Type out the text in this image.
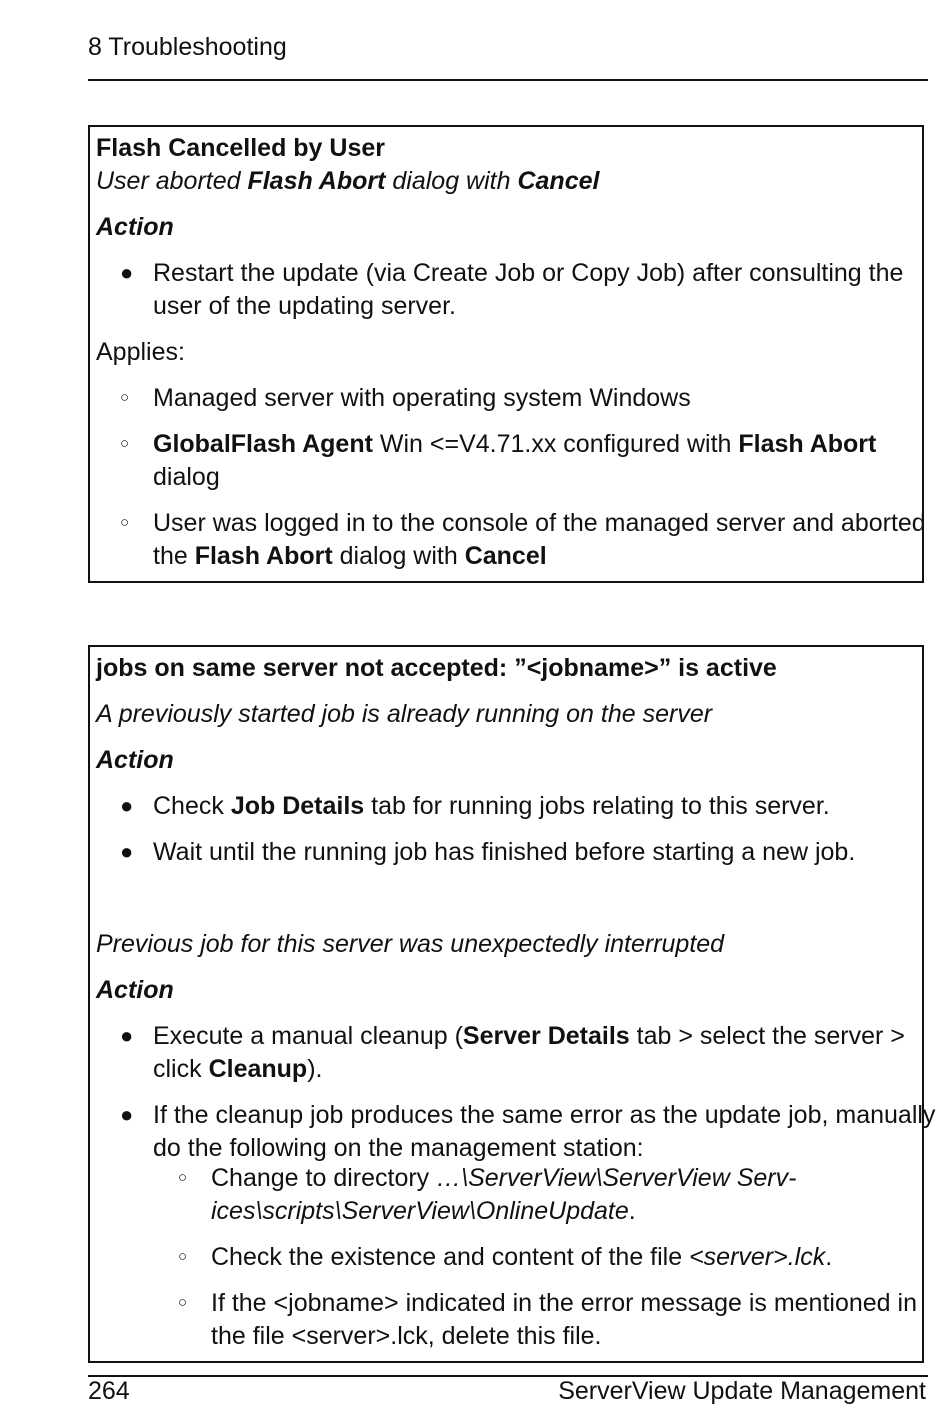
8 Troubleshooting
Flash Cancelled by User
User aborted Flash Abort dialog with Cancel
Action
● Restart the update (via Create Job or Copy Job) after consulting the
user of the updating server.
Applies:
○ Managed server with operating system Windows
○ GlobalFlash Agent Win <=V4.71.xx configured with Flash Abort
dialog
○ User was logged in to the console of the managed server and aborted
the Flash Abort dialog with Cancel
jobs on same server not accepted: ”<jobname>” is active
A previously started job is already running on the server
Action
● Check Job Details tab for running jobs relating to this server.
● Wait until the running job has finished before starting a new job.
Previous job for this server was unexpectedly interrupted
Action
● Execute a manual cleanup (Server Details tab > select the server >
click Cleanup).
● If the cleanup job produces the same error as the update job, manually
do the following on the management station:
○ Change to directory …\ServerView\ServerView Serv-
ices\scripts\ServerView\OnlineUpdate.
○ Check the existence and content of the file <server>.lck.
○ If the <jobname> indicated in the error message is mentioned in
the file <server>.lck, delete this file.
264	ServerView Update Management
